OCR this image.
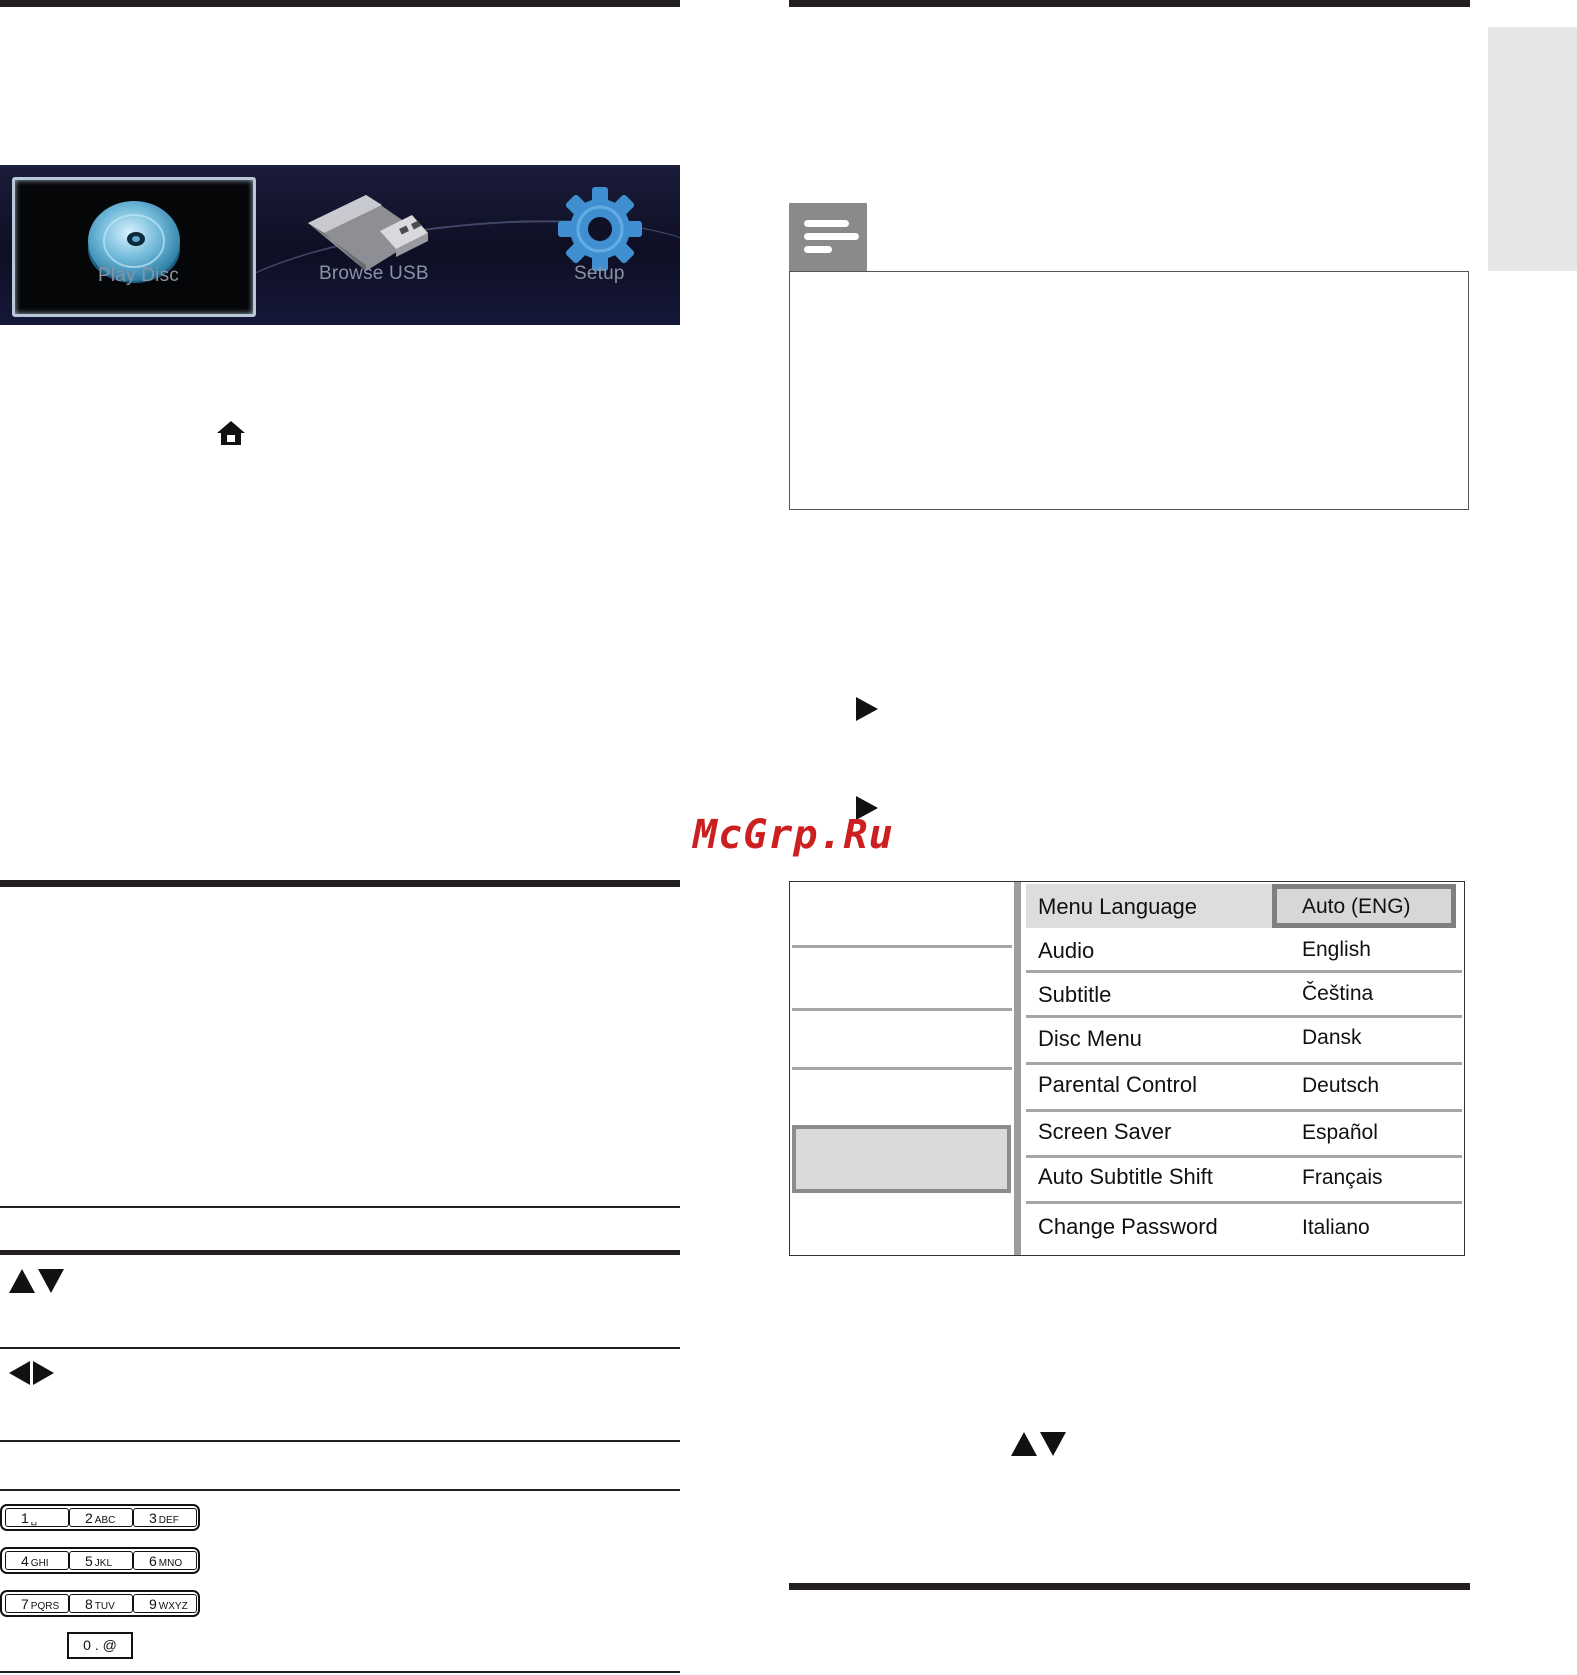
Play Disc	Browse USB	Setup
McGrp.Ru
Menu Language	Auto (ENG)
Audio	English
Subtitle	Čeština
Disc Menu	Dansk
Parental Control	Deutsch
Screen Saver	Español
Auto Subtitle Shift	Français
Change Password	Italiano
1 ␣	2 ABC	3 DEF
4 GHI	5 JKL	6 MNO
7 PQRS	8 TUV	9 WXYZ
0 . @
